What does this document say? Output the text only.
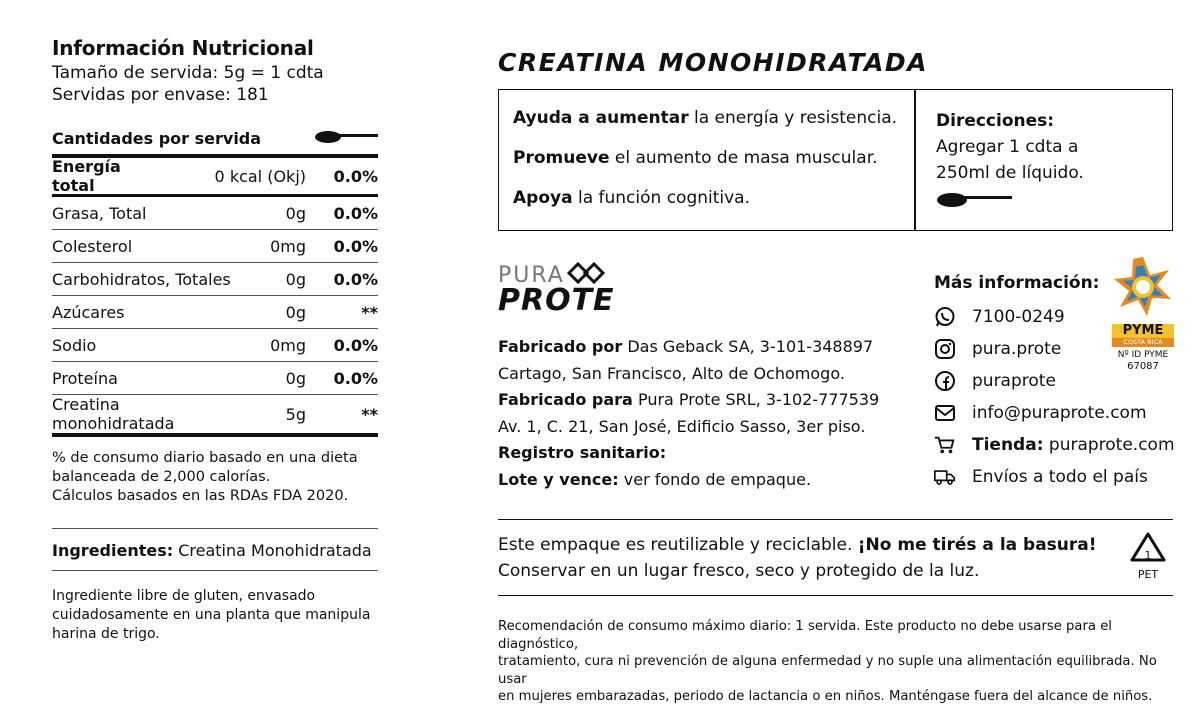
Información Nutricional
Tamaño de servida: 5g = 1 cdta
Servidas por envase: 181
Cantidades por servida
Energía total	0 kcal (Okj)	0.0%
Grasa, Total	0g	0.0%
Colesterol	0mg	0.0%
Carbohidratos, Totales	0g	0.0%
Azúcares	0g	**
Sodio	0mg	0.0%
Proteína	0g	0.0%
Creatina monohidratada	5g	**
% de consumo diario basado en una dieta
balanceada de 2,000 calorías.
Cálculos basados en las RDAs FDA 2020.
Ingredientes: Creatina Monohidratada
Ingrediente libre de gluten, envasado
cuidadosamente en una planta que manipula
harina de trigo.
CREATINA MONOHIDRATADA
Ayuda a aumentar la energía y resistencia.
Promueve el aumento de masa muscular.
Apoya la función cognitiva.
Direcciones:
Agregar 1 cdta a
250ml de líquido.
PURA
PROTE
Fabricado por Das Geback SA, 3-101-348897
Cartago, San Francisco, Alto de Ochomogo.
Fabricado para Pura Prote SRL, 3-102-777539
Av. 1, C. 21, San José, Edificio Sasso, 3er piso.
Registro sanitario:
Lote y vence: ver fondo de empaque.
Más información:
7100-0249
pura.prote
puraprote
info@puraprote.com
Tienda: puraprote.com
Envíos a todo el país
PYME
COSTA RICA
Nº ID PYME
67087
Este empaque es reutilizable y reciclable. ¡No me tirés a la basura!
Conservar en un lugar fresco, seco y protegido de la luz.
1
PET
Recomendación de consumo máximo diario: 1 servida. Este producto no debe usarse para el diagnóstico,
tratamiento, cura ni prevención de alguna enfermedad y no suple una alimentación equilibrada. No usar
en mujeres embarazadas, periodo de lactancia o en niños. Manténgase fuera del alcance de niños.
